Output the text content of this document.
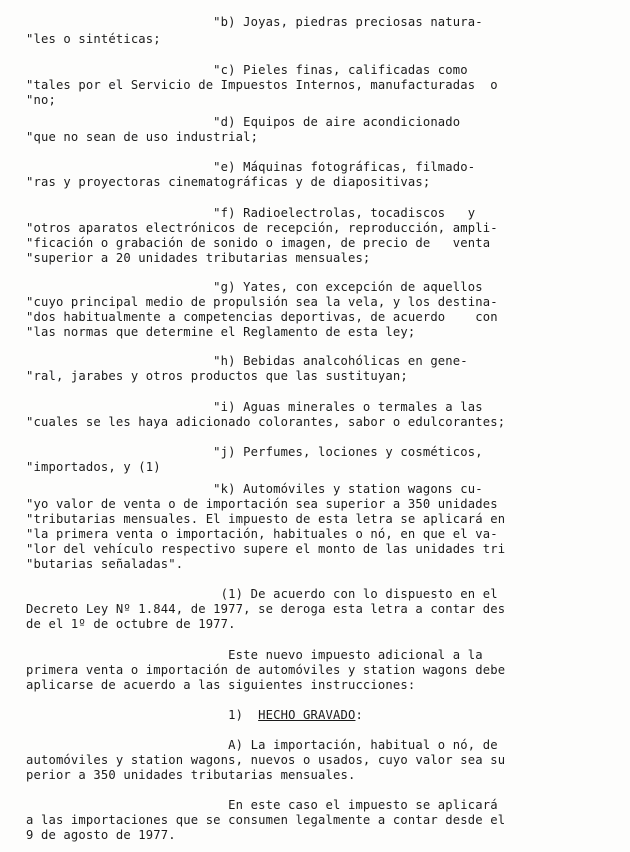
"b) Joyas, piedras preciosas natura-
"les o sintéticas;
"c) Pieles finas, calificadas como
"tales por el Servicio de Impuestos Internos, manufacturadas  o
"no;
"d) Equipos de aire acondicionado
"que no sean de uso industrial;
"e) Máquinas fotográficas, filmado-
"ras y proyectoras cinematográficas y de diapositivas;
"f) Radioelectrolas, tocadiscos   y
"otros aparatos electrónicos de recepción, reproducción, ampli-
"ficación o grabación de sonido o imagen, de precio de   venta
"superior a 20 unidades tributarias mensuales;
"g) Yates, con excepción de aquellos
"cuyo principal medio de propulsión sea la vela, y los destina-
"dos habitualmente a competencias deportivas, de acuerdo    con
"las normas que determine el Reglamento de esta ley;
"h) Bebidas analcohólicas en gene-
"ral, jarabes y otros productos que las sustituyan;
"i) Aguas minerales o termales a las
"cuales se les haya adicionado colorantes, sabor o edulcorantes;
"j) Perfumes, lociones y cosméticos,
"importados, y (1)
"k) Automóviles y station wagons cu-
"yo valor de venta o de importación sea superior a 350 unidades
"tributarias mensuales. El impuesto de esta letra se aplicará en
"la primera venta o importación, habituales o nó, en que el va-
"lor del vehículo respectivo supere el monto de las unidades tri
"butarias señaladas".
(1) De acuerdo con lo dispuesto en el
Decreto Ley Nº 1.844, de 1977, se deroga esta letra a contar des
de el 1º de octubre de 1977.
Este nuevo impuesto adicional a la
primera venta o importación de automóviles y station wagons debe
aplicarse de acuerdo a las siguientes instrucciones:
1)  HECHO GRAVADO:
A) La importación, habitual o nó, de
automóviles y station wagons, nuevos o usados, cuyo valor sea su
perior a 350 unidades tributarias mensuales.
En este caso el impuesto se aplicará
a las importaciones que se consumen legalmente a contar desde el
9 de agosto de 1977.
